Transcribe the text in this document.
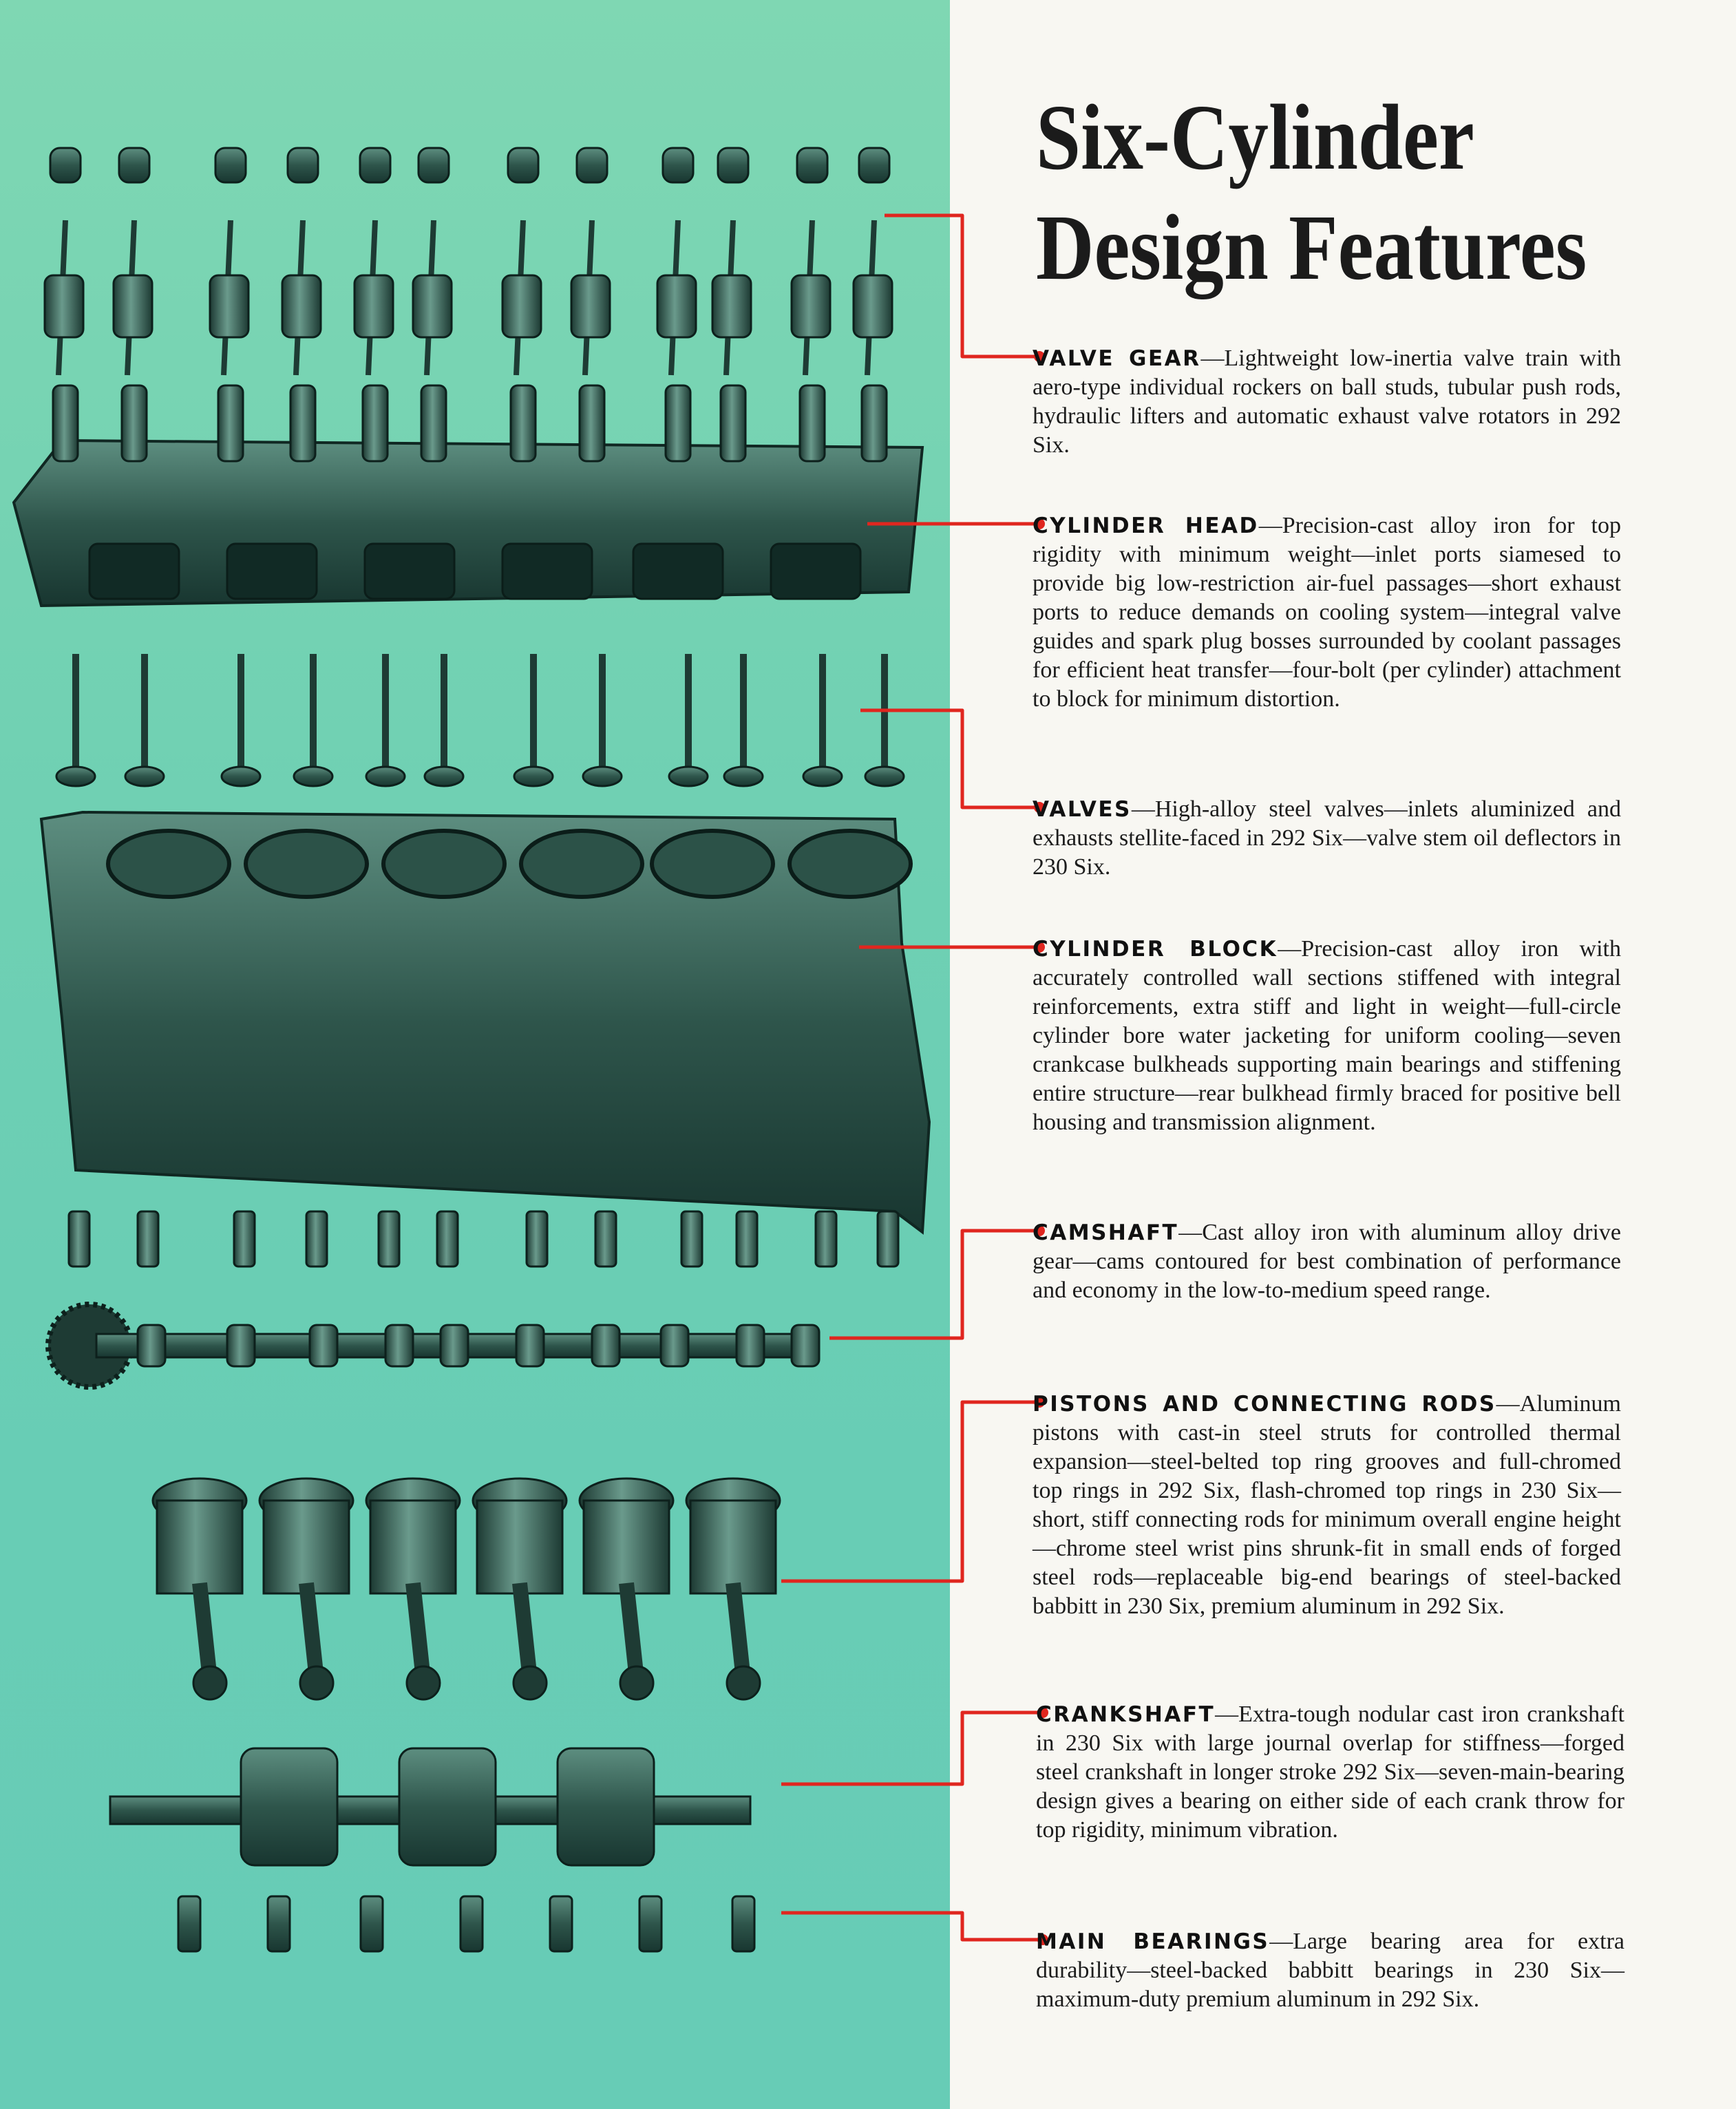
Six-Cylinder
Design Features

VALVE GEAR—Lightweight low-inertia valve train with aero-type individual rockers on ball studs, tubular push rods, hydraulic lifters and automatic exhaust valve rotators in 292 Six.

CYLINDER HEAD—Precision-cast alloy iron for top rigidity with minimum weight—inlet ports siamesed to provide big low-restriction air-fuel passages—short exhaust ports to reduce demands on cooling system—integral valve guides and spark plug bosses surrounded by coolant passages for efficient heat transfer—four-bolt (per cylinder) attachment to block for minimum distortion.

VALVES—High-alloy steel valves—inlets aluminized and exhausts stellite-faced in 292 Six—valve stem oil deflectors in 230 Six.

CYLINDER BLOCK—Precision-cast alloy iron with accurately controlled wall sections stiffened with integral reinforcements, extra stiff and light in weight—full-circle cylinder bore water jacketing for uniform cooling—seven crankcase bulkheads supporting main bearings and stiffening entire structure—rear bulkhead firmly braced for positive bell housing and transmission alignment.

CAMSHAFT—Cast alloy iron with aluminum alloy drive gear—cams contoured for best combination of performance and economy in the low-to-medium speed range.

PISTONS AND CONNECTING RODS—Aluminum pistons with cast-in steel struts for controlled thermal expansion—steel-belted top ring grooves and full-chromed top rings in 292 Six, flash-chromed top rings in 230 Six—short, stiff connecting rods for minimum overall engine height—chrome steel wrist pins shrunk-fit in small ends of forged steel rods—replaceable big-end bearings of steel-backed babbitt in 230 Six, premium aluminum in 292 Six.

CRANKSHAFT—Extra-tough nodular cast iron crankshaft in 230 Six with large journal overlap for stiffness—forged steel crankshaft in longer stroke 292 Six—seven-main-bearing design gives a bearing on either side of each crank throw for top rigidity, minimum vibration.

MAIN BEARINGS—Large bearing area for extra durability—steel-backed babbitt bearings in 230 Six—maximum-duty premium aluminum in 292 Six.
